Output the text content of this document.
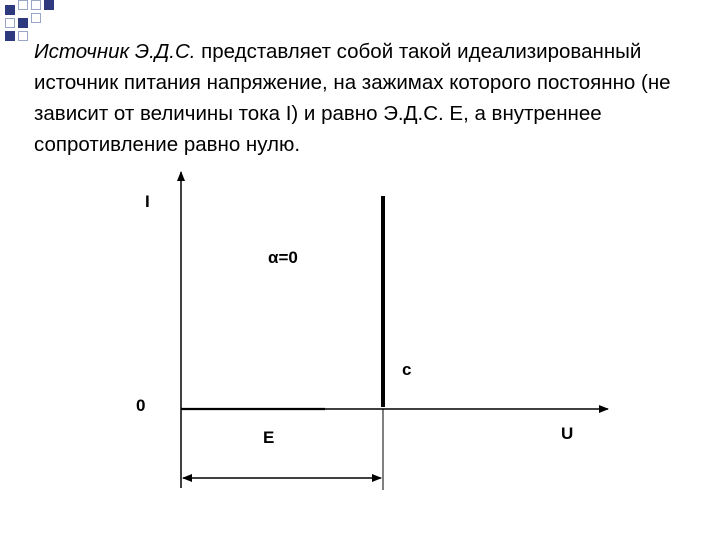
Источник Э.Д.С. представляет собой такой идеализированный источник питания напряжение, на зажимах которого постоянно (не зависит от величины тока I) и равно Э.Д.С. E, а внутреннее сопротивление равно нулю.

I
α=0
c
0
E	U
